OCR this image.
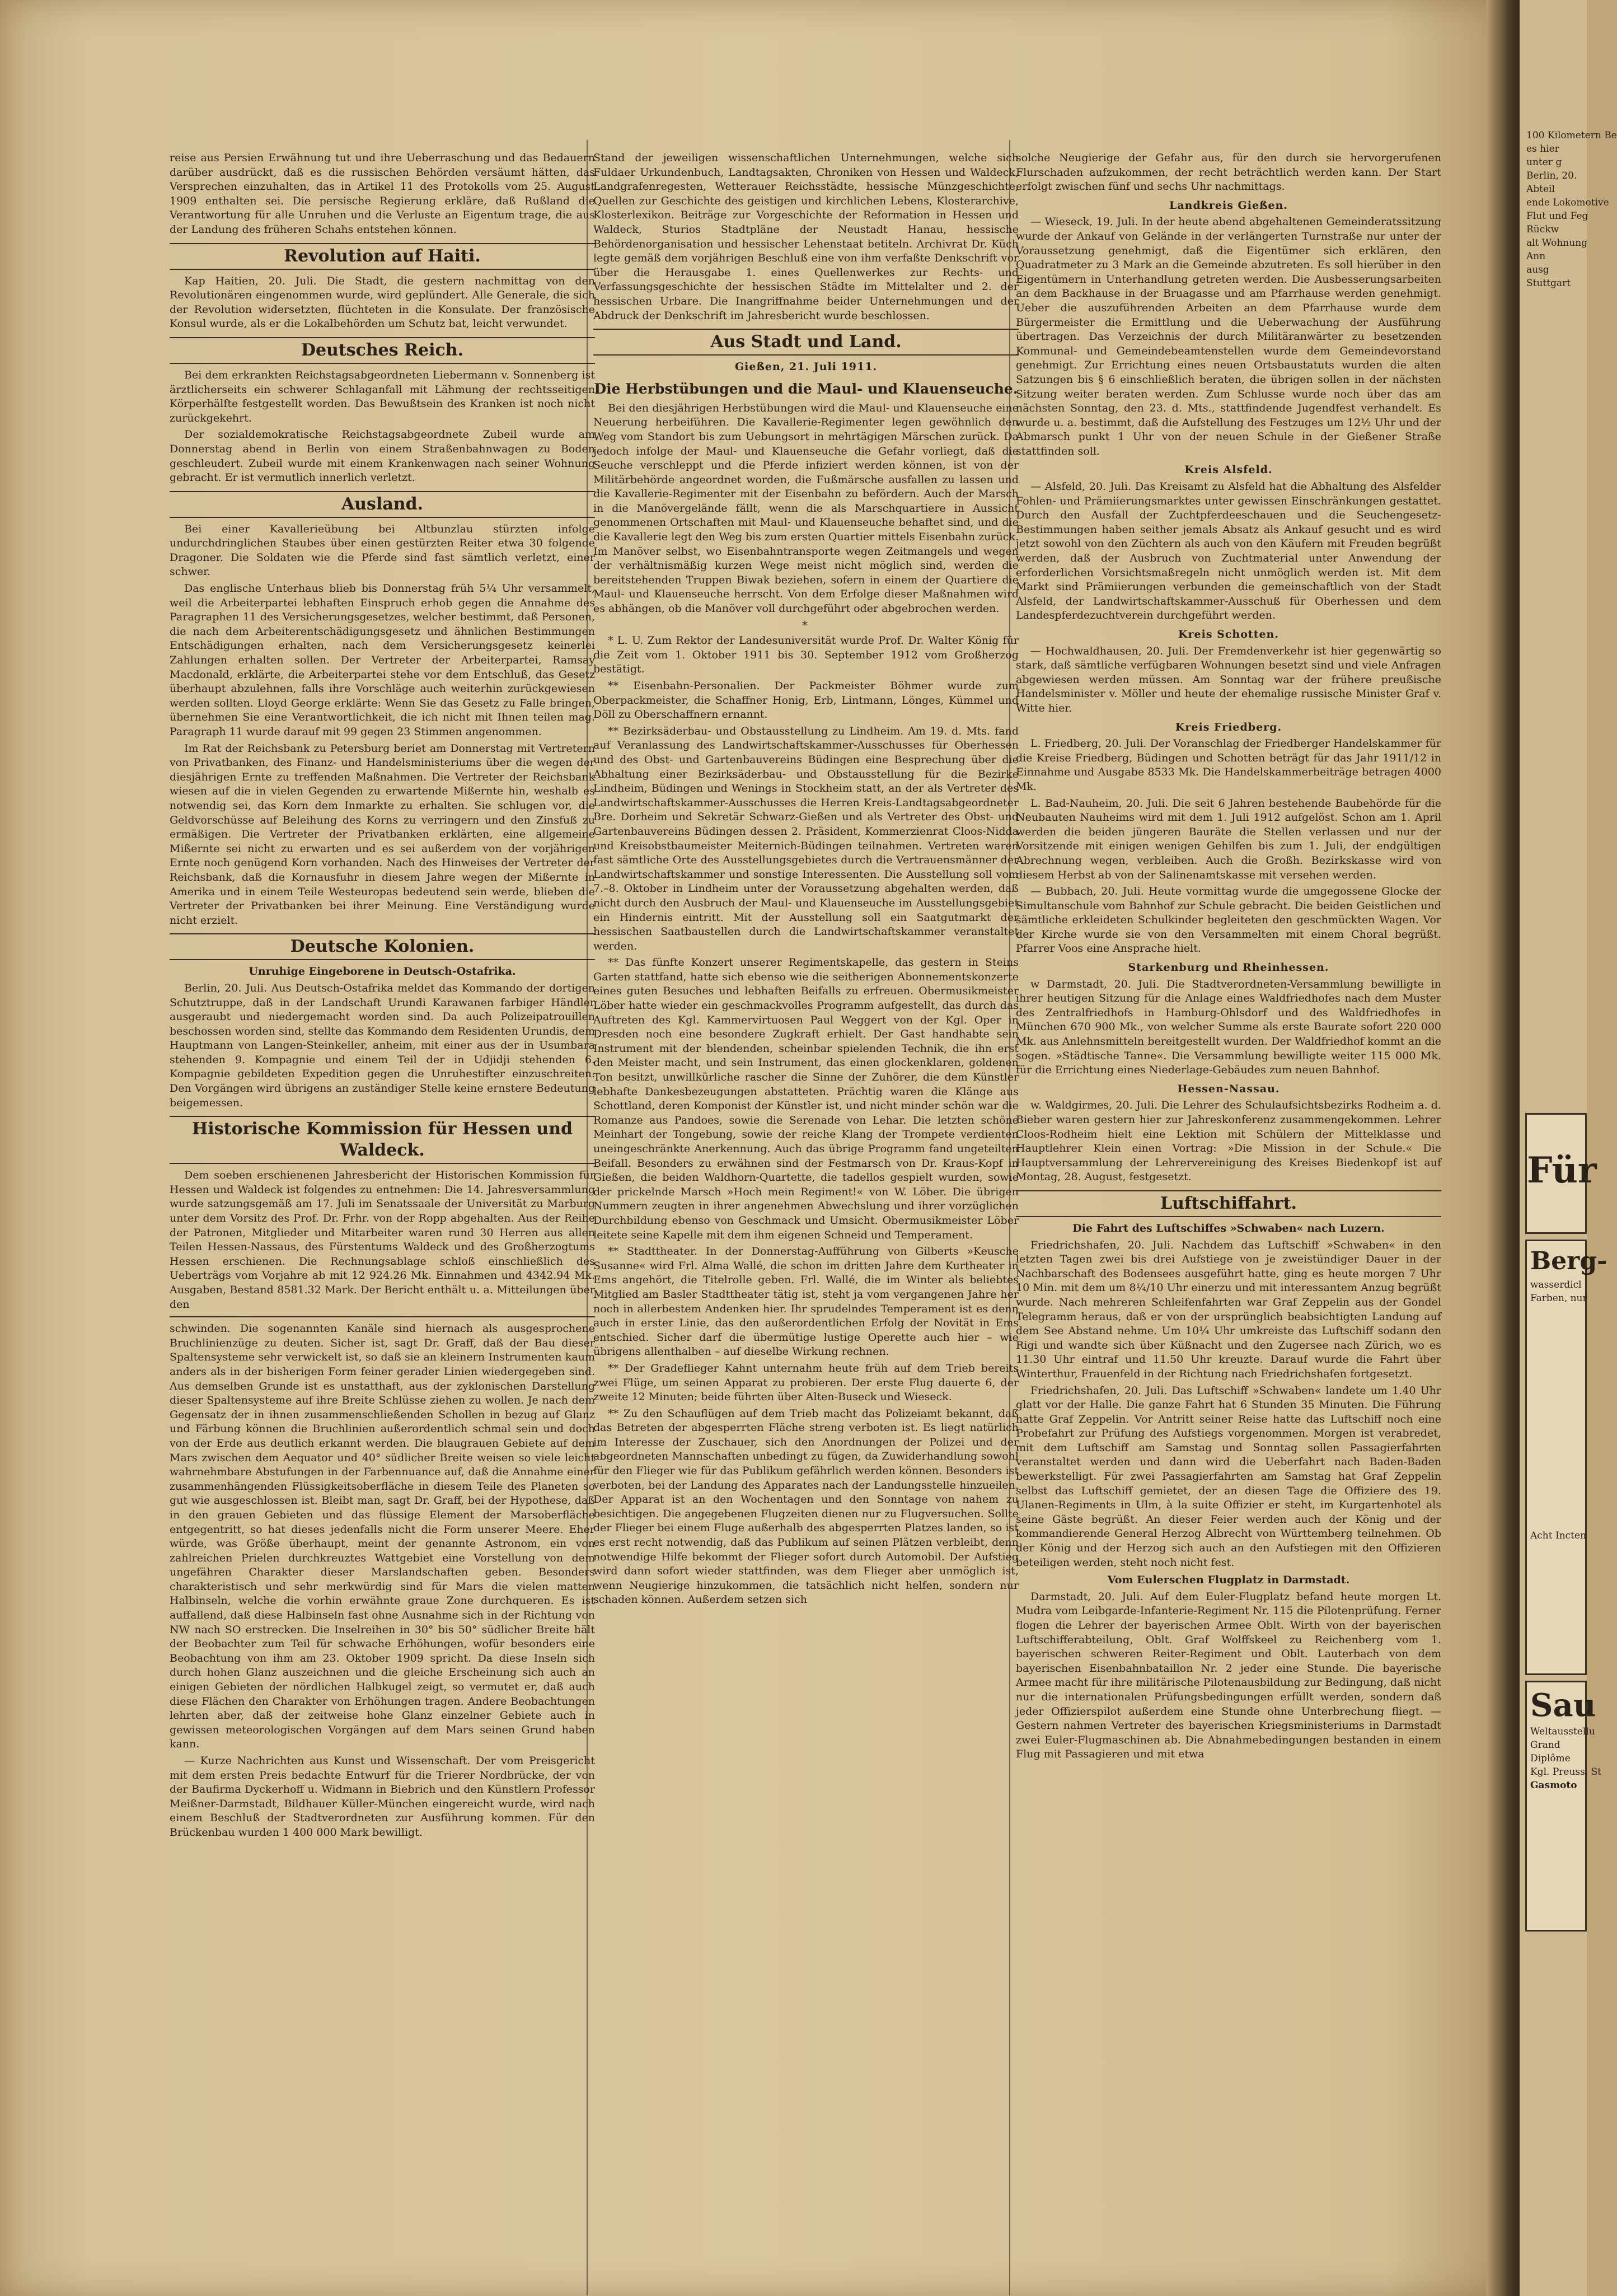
reise aus Persien Erwähnung tut und ihre Ueberraschung und das Bedauern darüber ausdrückt, daß es die russischen Behörden versäumt hätten, das Versprechen einzuhalten, das in Artikel 11 des Protokolls vom 25. August 1909 enthalten sei. Die persische Regierung erkläre, daß Rußland die Verantwortung für alle Unruhen und die Verluste an Eigentum trage, die aus der Landung des früheren Schahs entstehen können.

Revolution auf Haiti.

Kap Haitien, 20. Juli. Die Stadt, die gestern nachmittag von den Revolutionären eingenommen wurde, wird geplündert. Alle Generale, die sich der Revolution widersetzten, flüchteten in die Konsulate. Der französische Konsul wurde, als er die Lokalbehörden um Schutz bat, leicht verwundet.

Deutsches Reich.

Bei dem erkrankten Reichstagsabgeordneten Liebermann v. Sonnenberg ist ärztlicherseits ein schwerer Schlaganfall mit Lähmung der rechtsseitigen Körperhälfte festgestellt worden. Das Bewußtsein des Kranken ist noch nicht zurückgekehrt.

Der sozialdemokratische Reichstagsabgeordnete Zubeil wurde am Donnerstag abend in Berlin von einem Straßenbahnwagen zu Boden geschleudert. Zubeil wurde mit einem Krankenwagen nach seiner Wohnung gebracht. Er ist vermutlich innerlich verletzt.

Ausland.

Bei einer Kavallerieübung bei Altbunzlau stürzten infolge undurchdringlichen Staubes über einen gestürzten Reiter etwa 30 folgende Dragoner. Die Soldaten wie die Pferde sind fast sämtlich verletzt, einer schwer.

Das englische Unterhaus blieb bis Donnerstag früh 5¼ Uhr versammelt, weil die Arbeiterpartei lebhaften Einspruch erhob gegen die Annahme des Paragraphen 11 des Versicherungsgesetzes, welcher bestimmt, daß Personen, die nach dem Arbeiterentschädigungsgesetz und ähnlichen Bestimmungen Entschädigungen erhalten, nach dem Versicherungsgesetz keinerlei Zahlungen erhalten sollen. Der Vertreter der Arbeiterpartei, Ramsay Macdonald, erklärte, die Arbeiterpartei stehe vor dem Entschluß, das Gesetz überhaupt abzulehnen, falls ihre Vorschläge auch weiterhin zurückgewiesen werden sollten. Lloyd George erklärte: Wenn Sie das Gesetz zu Falle bringen, übernehmen Sie eine Verantwortlichkeit, die ich nicht mit Ihnen teilen mag. Paragraph 11 wurde darauf mit 99 gegen 23 Stimmen angenommen.

Im Rat der Reichsbank zu Petersburg beriet am Donnerstag mit Vertretern von Privatbanken, des Finanz- und Handelsministeriums über die wegen der diesjährigen Ernte zu treffenden Maßnahmen. Die Vertreter der Reichsbank wiesen auf die in vielen Gegenden zu erwartende Mißernte hin, weshalb es notwendig sei, das Korn dem Inmarkte zu erhalten. Sie schlugen vor, die Geldvorschüsse auf Beleihung des Korns zu verringern und den Zinsfuß zu ermäßigen. Die Vertreter der Privatbanken erklärten, eine allgemeine Mißernte sei nicht zu erwarten und es sei außerdem von der vorjährigen Ernte noch genügend Korn vorhanden. Nach des Hinweises der Vertreter der Reichsbank, daß die Kornausfuhr in diesem Jahre wegen der Mißernte in Amerika und in einem Teile Westeuropas bedeutend sein werde, blieben die Vertreter der Privatbanken bei ihrer Meinung. Eine Verständigung wurde nicht erzielt.

Deutsche Kolonien.
Unruhige Eingeborene in Deutsch-Ostafrika.

Berlin, 20. Juli. Aus Deutsch-Ostafrika meldet das Kommando der dortigen Schutztruppe, daß in der Landschaft Urundi Karawanen farbiger Händler ausgeraubt und niedergemacht worden sind. Da auch Polizeipatrouillen beschossen worden sind, stellte das Kommando dem Residenten Urundis, dem Hauptmann von Langen-Steinkeller, anheim, mit einer aus der in Usumbara stehenden 9. Kompagnie und einem Teil der in Udjidji stehenden 6. Kompagnie gebildeten Expedition gegen die Unruhestifter einzuschreiten. Den Vorgängen wird übrigens an zuständiger Stelle keine ernstere Bedeutung beigemessen.

Historische Kommission für Hessen und Waldeck.

Dem soeben erschienenen Jahresbericht der Historischen Kommission für Hessen und Waldeck ist folgendes zu entnehmen: Die 14. Jahresversammlung wurde satzungsgemäß am 17. Juli im Senatssaale der Universität zu Marburg unter dem Vorsitz des Prof. Dr. Frhr. von der Ropp abgehalten. Aus der Reihe der Patronen, Mitglieder und Mitarbeiter waren rund 30 Herren aus allen Teilen Hessen-Nassaus, des Fürstentums Waldeck und des Großherzogtums Hessen erschienen. Die Rechnungsablage schloß einschließlich des Ueberträgs vom Vorjahre ab mit 12 924.26 Mk. Einnahmen und 4342.94 Mk. Ausgaben, Bestand 8581.32 Mark. Der Bericht enthält u. a. Mitteilungen über den

schwinden. Die sogenannten Kanäle sind hiernach als ausgesprochene Bruchlinienzüge zu deuten. Sicher ist, sagt Dr. Graff, daß der Bau dieser Spaltensysteme sehr verwickelt ist, so daß sie an kleinern Instrumenten kaum anders als in der bisherigen Form feiner gerader Linien wiedergegeben sind. Aus demselben Grunde ist es unstatthaft, aus der zyklonischen Darstellung dieser Spaltensysteme auf ihre Breite Schlüsse ziehen zu wollen. Je nach dem Gegensatz der in ihnen zusammenschließenden Schollen in bezug auf Glanz und Färbung können die Bruchlinien außerordentlich schmal sein und doch von der Erde aus deutlich erkannt werden. Die blaugrauen Gebiete auf dem Mars zwischen dem Aequator und 40° südlicher Breite weisen so viele leicht wahrnehmbare Abstufungen in der Farbennuance auf, daß die Annahme einer zusammenhängenden Flüssigkeitsoberfläche in diesem Teile des Planeten so gut wie ausgeschlossen ist. Bleibt man, sagt Dr. Graff, bei der Hypothese, daß in den grauen Gebieten und das flüssige Element der Marsoberfläche entgegentritt, so hat dieses jedenfalls nicht die Form unserer Meere. Eher würde, was Größe überhaupt, meint der genannte Astronom, ein von zahlreichen Prielen durchkreuztes Wattgebiet eine Vorstellung von dem ungefähren Charakter dieser Marslandschaften geben. Besonders charakteristisch und sehr merkwürdig sind für Mars die vielen matten Halbinseln, welche die vorhin erwähnte graue Zone durchqueren. Es ist auffallend, daß diese Halbinseln fast ohne Ausnahme sich in der Richtung von NW nach SO erstrecken. Die Inselreihen in 30° bis 50° südlicher Breite hält der Beobachter zum Teil für schwache Erhöhungen, wofür besonders eine Beobachtung von ihm am 23. Oktober 1909 spricht. Da diese Inseln sich durch hohen Glanz auszeichnen und die gleiche Erscheinung sich auch an einigen Gebieten der nördlichen Halbkugel zeigt, so vermutet er, daß auch diese Flächen den Charakter von Erhöhungen tragen. Andere Beobachtungen lehrten aber, daß der zeitweise hohe Glanz einzelner Gebiete auch in gewissen meteorologischen Vorgängen auf dem Mars seinen Grund haben kann.

— Kurze Nachrichten aus Kunst und Wissenschaft. Der vom Preisgericht mit dem ersten Preis bedachte Entwurf für die Trierer Nordbrücke, der von der Baufirma Dyckerhoff u. Widmann in Biebrich und den Künstlern Professor Meißner-Darmstadt, Bildhauer Küller-München eingereicht wurde, wird nach einem Beschluß der Stadtverordneten zur Ausführung kommen. Für den Brückenbau wurden 1 400 000 Mark bewilligt.

Stand der jeweiligen wissenschaftlichen Unternehmungen, welche sich Fuldaer Urkundenbuch, Landtagsakten, Chroniken von Hessen und Waldeck, Landgrafenregesten, Wetterauer Reichsstädte, hessische Münzgeschichte, Quellen zur Geschichte des geistigen und kirchlichen Lebens, Klosterarchive, Klosterlexikon. Beiträge zur Vorgeschichte der Reformation in Hessen und Waldeck, Sturios Stadtpläne der Neustadt Hanau, hessische Behördenorganisation und hessischer Lehenstaat betiteln. Archivrat Dr. Küch legte gemäß dem vorjährigen Beschluß eine von ihm verfaßte Denkschrift vor über die Herausgabe 1. eines Quellenwerkes zur Rechts- und Verfassungsgeschichte der hessischen Städte im Mittelalter und 2. der hessischen Urbare. Die Inangriffnahme beider Unternehmungen und der Abdruck der Denkschrift im Jahresbericht wurde beschlossen.

Aus Stadt und Land.
Gießen, 21. Juli 1911.
Die Herbstübungen und die Maul- und Klauenseuche.

Bei den diesjährigen Herbstübungen wird die Maul- und Klauenseuche eine Neuerung herbeiführen. Die Kavallerie-Regimenter legen gewöhnlich den Weg vom Standort bis zum Uebungsort in mehrtägigen Märschen zurück. Da jedoch infolge der Maul- und Klauenseuche die Gefahr vorliegt, daß die Seuche verschleppt und die Pferde infiziert werden können, ist von der Militärbehörde angeordnet worden, die Fußmärsche ausfallen zu lassen und die Kavallerie-Regimenter mit der Eisenbahn zu befördern. Auch der Marsch in die Manövergelände fällt, wenn die als Marschquartiere in Aussicht genommenen Ortschaften mit Maul- und Klauenseuche behaftet sind, und die die Kavallerie legt den Weg bis zum ersten Quartier mittels Eisenbahn zurück. Im Manöver selbst, wo Eisenbahntransporte wegen Zeitmangels und wegen der verhältnismäßig kurzen Wege meist nicht möglich sind, werden die bereitstehenden Truppen Biwak beziehen, sofern in einem der Quartiere die Maul- und Klauenseuche herrscht. Von dem Erfolge dieser Maßnahmen wird es abhängen, ob die Manöver voll durchgeführt oder abgebrochen werden.

*

* L. U. Zum Rektor der Landesuniversität wurde Prof. Dr. Walter König für die Zeit vom 1. Oktober 1911 bis 30. September 1912 vom Großherzog bestätigt.

** Eisenbahn-Personalien. Der Packmeister Böhmer wurde zum Oberpackmeister, die Schaffner Honig, Erb, Lintmann, Lönges, Kümmel und Döll zu Oberschaffnern ernannt.

** Bezirksäderbau- und Obstausstellung zu Lindheim. Am 19. d. Mts. fand auf Veranlassung des Landwirtschaftskammer-Ausschusses für Oberhessen und des Obst- und Gartenbauvereins Büdingen eine Besprechung über die Abhaltung einer Bezirksäderbau- und Obstausstellung für die Bezirke Lindheim, Büdingen und Wenings in Stockheim statt, an der als Vertreter des Landwirtschaftskammer-Ausschusses die Herren Kreis-Landtagsabgeordneter Bre. Dorheim und Sekretär Schwarz-Gießen und als Vertreter des Obst- und Gartenbauvereins Büdingen dessen 2. Präsident, Kommerzienrat Cloos-Nidda und Kreisobstbaumeister Meiternich-Büdingen teilnahmen. Vertreten waren fast sämtliche Orte des Ausstellungsgebietes durch die Vertrauensmänner der Landwirtschaftskammer und sonstige Interessenten. Die Ausstellung soll vom 7.–8. Oktober in Lindheim unter der Voraussetzung abgehalten werden, daß nicht durch den Ausbruch der Maul- und Klauenseuche im Ausstellungsgebiet ein Hindernis eintritt. Mit der Ausstellung soll ein Saatgutmarkt der hessischen Saatbaustellen durch die Landwirtschaftskammer veranstaltet werden.

** Das fünfte Konzert unserer Regimentskapelle, das gestern in Steins Garten stattfand, hatte sich ebenso wie die seitherigen Abonnementskonzerte eines guten Besuches und lebhaften Beifalls zu erfreuen. Obermusikmeister Löber hatte wieder ein geschmackvolles Programm aufgestellt, das durch das Auftreten des Kgl. Kammervirtuosen Paul Weggert von der Kgl. Oper in Dresden noch eine besondere Zugkraft erhielt. Der Gast handhabte sein Instrument mit der blendenden, scheinbar spielenden Technik, die ihn erst den Meister macht, und sein Instrument, das einen glockenklaren, goldenen Ton besitzt, unwillkürliche rascher die Sinne der Zuhörer, die dem Künstler lebhafte Dankesbezeugungen abstatteten. Prächtig waren die Klänge aus Schottland, deren Komponist der Künstler ist, und nicht minder schön war die Romanze aus Pandoes, sowie die Serenade von Lehar. Die letzten schöne Meinhart der Tongebung, sowie der reiche Klang der Trompete verdienten uneingeschränkte Anerkennung. Auch das übrige Programm fand ungeteilten Beifall. Besonders zu erwähnen sind der Festmarsch von Dr. Kraus-Kopf in Gießen, die beiden Waldhorn-Quartette, die tadellos gespielt wurden, sowie der prickelnde Marsch »Hoch mein Regiment!« von W. Löber. Die übrigen Nummern zeugten in ihrer angenehmen Abwechslung und ihrer vorzüglichen Durchbildung ebenso von Geschmack und Umsicht. Obermusikmeister Löber leitete seine Kapelle mit dem ihm eigenen Schneid und Temperament.

** Stadttheater. In der Donnerstag-Aufführung von Gilberts »Keusche Susanne« wird Frl. Alma Wallé, die schon im dritten Jahre dem Kurtheater in Ems angehört, die Titelrolle geben. Frl. Wallé, die im Winter als beliebtes Mitglied am Basler Stadttheater tätig ist, steht ja vom vergangenen Jahre her noch in allerbestem Andenken hier. Ihr sprudelndes Temperament ist es denn auch in erster Linie, das den außerordentlichen Erfolg der Novität in Ems entschied. Sicher darf die übermütige lustige Operette auch hier – wie übrigens allenthalben – auf dieselbe Wirkung rechnen.

** Der Gradeflieger Kahnt unternahm heute früh auf dem Trieb bereits zwei Flüge, um seinen Apparat zu probieren. Der erste Flug dauerte 6, der zweite 12 Minuten; beide führten über Alten-Buseck und Wieseck.

** Zu den Schauflügen auf dem Trieb macht das Polizeiamt bekannt, daß das Betreten der abgesperrten Fläche streng verboten ist. Es liegt natürlich im Interesse der Zuschauer, sich den Anordnungen der Polizei und der abgeordneten Mannschaften unbedingt zu fügen, da Zuwiderhandlung sowohl für den Flieger wie für das Publikum gefährlich werden können. Besonders ist verboten, bei der Landung des Apparates nach der Landungsstelle hinzueilen. Der Apparat ist an den Wochentagen und den Sonntage von nahem zu besichtigen. Die angegebenen Flugzeiten dienen nur zu Flugversuchen. Sollte der Flieger bei einem Fluge außerhalb des abgesperrten Platzes landen, so ist es erst recht notwendig, daß das Publikum auf seinen Plätzen verbleibt, denn notwendige Hilfe bekommt der Flieger sofort durch Automobil. Der Aufstieg wird dann sofort wieder stattfinden, was dem Flieger aber unmöglich ist, wenn Neugierige hinzukommen, die tatsächlich nicht helfen, sondern nur schaden können. Außerdem setzen sich

solche Neugierige der Gefahr aus, für den durch sie hervorgerufenen Flurschaden aufzukommen, der recht beträchtlich werden kann. Der Start erfolgt zwischen fünf und sechs Uhr nachmittags.

Landkreis Gießen.

— Wieseck, 19. Juli. In der heute abend abgehaltenen Gemeinderatssitzung wurde der Ankauf von Gelände in der verlängerten Turnstraße nur unter der Voraussetzung genehmigt, daß die Eigentümer sich erklären, den Quadratmeter zu 3 Mark an die Gemeinde abzutreten. Es soll hierüber in den Eigentümern in Unterhandlung getreten werden. Die Ausbesserungsarbeiten an dem Backhause in der Bruagasse und am Pfarrhause werden genehmigt. Ueber die auszuführenden Arbeiten an dem Pfarrhause wurde dem Bürgermeister die Ermittlung und die Ueberwachung der Ausführung übertragen. Das Verzeichnis der durch Militäranwärter zu besetzenden Kommunal- und Gemeindebeamtenstellen wurde dem Gemeindevorstand genehmigt. Zur Errichtung eines neuen Ortsbaustatuts wurden die alten Satzungen bis § 6 einschließlich beraten, die übrigen sollen in der nächsten Sitzung weiter beraten werden. Zum Schlusse wurde noch über das am nächsten Sonntag, den 23. d. Mts., stattfindende Jugendfest verhandelt. Es wurde u. a. bestimmt, daß die Aufstellung des Festzuges um 12½ Uhr und der Abmarsch punkt 1 Uhr von der neuen Schule in der Gießener Straße stattfinden soll.

Kreis Alsfeld.

— Alsfeld, 20. Juli. Das Kreisamt zu Alsfeld hat die Abhaltung des Alsfelder Fohlen- und Prämiierungsmarktes unter gewissen Einschränkungen gestattet. Durch den Ausfall der Zuchtpferdeeschauen und die Seuchengesetz-Bestimmungen haben seither jemals Absatz als Ankauf gesucht und es wird jetzt sowohl von den Züchtern als auch von den Käufern mit Freuden begrüßt werden, daß der Ausbruch von Zuchtmaterial unter Anwendung der erforderlichen Vorsichtsmaßregeln nicht unmöglich werden ist. Mit dem Markt sind Prämiierungen verbunden die gemeinschaftlich von der Stadt Alsfeld, der Landwirtschaftskammer-Ausschuß für Oberhessen und dem Landespferdezuchtverein durchgeführt werden.

Kreis Schotten.

— Hochwaldhausen, 20. Juli. Der Fremdenverkehr ist hier gegenwärtig so stark, daß sämtliche verfügbaren Wohnungen besetzt sind und viele Anfragen abgewiesen werden müssen. Am Sonntag war der frühere preußische Handelsminister v. Möller und heute der ehemalige russische Minister Graf v. Witte hier.

Kreis Friedberg.

L. Friedberg, 20. Juli. Der Voranschlag der Friedberger Handelskammer für die Kreise Friedberg, Büdingen und Schotten beträgt für das Jahr 1911/12 in Einnahme und Ausgabe 8533 Mk. Die Handelskammerbeiträge betragen 4000 Mk.

L. Bad-Nauheim, 20. Juli. Die seit 6 Jahren bestehende Baubehörde für die Neubauten Nauheims wird mit dem 1. Juli 1912 aufgelöst. Schon am 1. April werden die beiden jüngeren Bauräte die Stellen verlassen und nur der Vorsitzende mit einigen wenigen Gehilfen bis zum 1. Juli, der endgültigen Abrechnung wegen, verbleiben. Auch die Großh. Bezirkskasse wird von diesem Herbst ab von der Salinenamtskasse mit versehen werden.

— Bubbach, 20. Juli. Heute vormittag wurde die umgegossene Glocke der Simultanschule vom Bahnhof zur Schule gebracht. Die beiden Geistlichen und sämtliche erkleideten Schulkinder begleiteten den geschmückten Wagen. Vor der Kirche wurde sie von den Versammelten mit einem Choral begrüßt. Pfarrer Voos eine Ansprache hielt.

Starkenburg und Rheinhessen.

w Darmstadt, 20. Juli. Die Stadtverordneten-Versammlung bewilligte in ihrer heutigen Sitzung für die Anlage eines Waldfriedhofes nach dem Muster des Zentralfriedhofs in Hamburg-Ohlsdorf und des Waldfriedhofes in München 670 900 Mk., von welcher Summe als erste Baurate sofort 220 000 Mk. aus Anlehnsmitteln bereitgestellt wurden. Der Waldfriedhof kommt an die sogen. »Städtische Tanne«. Die Versammlung bewilligte weiter 115 000 Mk. für die Errichtung eines Niederlage-Gebäudes zum neuen Bahnhof.

Hessen-Nassau.

w. Waldgirmes, 20. Juli. Die Lehrer des Schulaufsichtsbezirks Rodheim a. d. Bieber waren gestern hier zur Jahreskonferenz zusammengekommen. Lehrer Cloos-Rodheim hielt eine Lektion mit Schülern der Mittelklasse und Hauptlehrer Klein einen Vortrag: »Die Mission in der Schule.« Die Hauptversammlung der Lehrervereinigung des Kreises Biedenkopf ist auf Montag, 28. August, festgesetzt.

Luftschiffahrt.
Die Fahrt des Luftschiffes »Schwaben« nach Luzern.

Friedrichshafen, 20. Juli. Nachdem das Luftschiff »Schwaben« in den letzten Tagen zwei bis drei Aufstiege von je zweistündiger Dauer in der Nachbarschaft des Bodensees ausgeführt hatte, ging es heute morgen 7 Uhr 10 Min. mit dem um 8¼/10 Uhr einerzu und mit interessantem Anzug begrüßt wurde. Nach mehreren Schleifenfahrten war Graf Zeppelin aus der Gondel Telegramm heraus, daß er von der ursprünglich beabsichtigten Landung auf dem See Abstand nehme. Um 10¼ Uhr umkreiste das Luftschiff sodann den Rigi und wandte sich über Küßnacht und den Zugersee nach Zürich, wo es 11.30 Uhr eintraf und 11.50 Uhr kreuzte. Darauf wurde die Fahrt über Winterthur, Frauenfeld in der Richtung nach Friedrichshafen fortgesetzt.

Friedrichshafen, 20. Juli. Das Luftschiff »Schwaben« landete um 1.40 Uhr glatt vor der Halle. Die ganze Fahrt hat 6 Stunden 35 Minuten. Die Führung hatte Graf Zeppelin. Vor Antritt seiner Reise hatte das Luftschiff noch eine Probefahrt zur Prüfung des Aufstiegs vorgenommen. Morgen ist verabredet, mit dem Luftschiff am Samstag und Sonntag sollen Passagierfahrten veranstaltet werden und dann wird die Ueberfahrt nach Baden-Baden bewerkstelligt. Für zwei Passagierfahrten am Samstag hat Graf Zeppelin selbst das Luftschiff gemietet, der an diesen Tage die Offiziere des 19. Ulanen-Regiments in Ulm, à la suite Offizier er steht, im Kurgartenhotel als seine Gäste begrüßt. An dieser Feier werden auch der König und der kommandierende General Herzog Albrecht von Württemberg teilnehmen. Ob der König und der Herzog sich auch an den Aufstiegen mit den Offizieren beteiligen werden, steht noch nicht fest.

Vom Eulerschen Flugplatz in Darmstadt.

Darmstadt, 20. Juli. Auf dem Euler-Flugplatz befand heute morgen Lt. Mudra vom Leibgarde-Infanterie-Regiment Nr. 115 die Pilotenprüfung. Ferner flogen die Lehrer der bayerischen Armee Oblt. Wirth von der bayerischen Luftschifferabteilung, Oblt. Graf Wolffskeel zu Reichenberg vom 1. bayerischen schweren Reiter-Regiment und Oblt. Lauterbach von dem bayerischen Eisenbahnbataillon Nr. 2 jeder eine Stunde. Die bayerische Armee macht für ihre militärische Pilotenausbildung zur Bedingung, daß nicht nur die internationalen Prüfungsbedingungen erfüllt werden, sondern daß jeder Offizierspilot außerdem eine Stunde ohne Unterbrechung fliegt. — Gestern nahmen Vertreter des bayerischen Kriegsministeriums in Darmstadt zwei Euler-Flugmaschinen ab. Die Abnahmebedingungen bestanden in einem Flug mit Passagieren und mit etwa

100 Kilometern Be
es hier
unter g
Berlin, 20.
Abteil
ende Lokomotive
Flut und Feg
Rückw
alt Wohnung
Ann
ausg
Stuttgart
Für
Berg-
wasserdicl
Farben, nur
Acht Incten
Sau
Weltausstellu
Grand
Diplôme
Kgl. Preuss. St
Gasmoto
